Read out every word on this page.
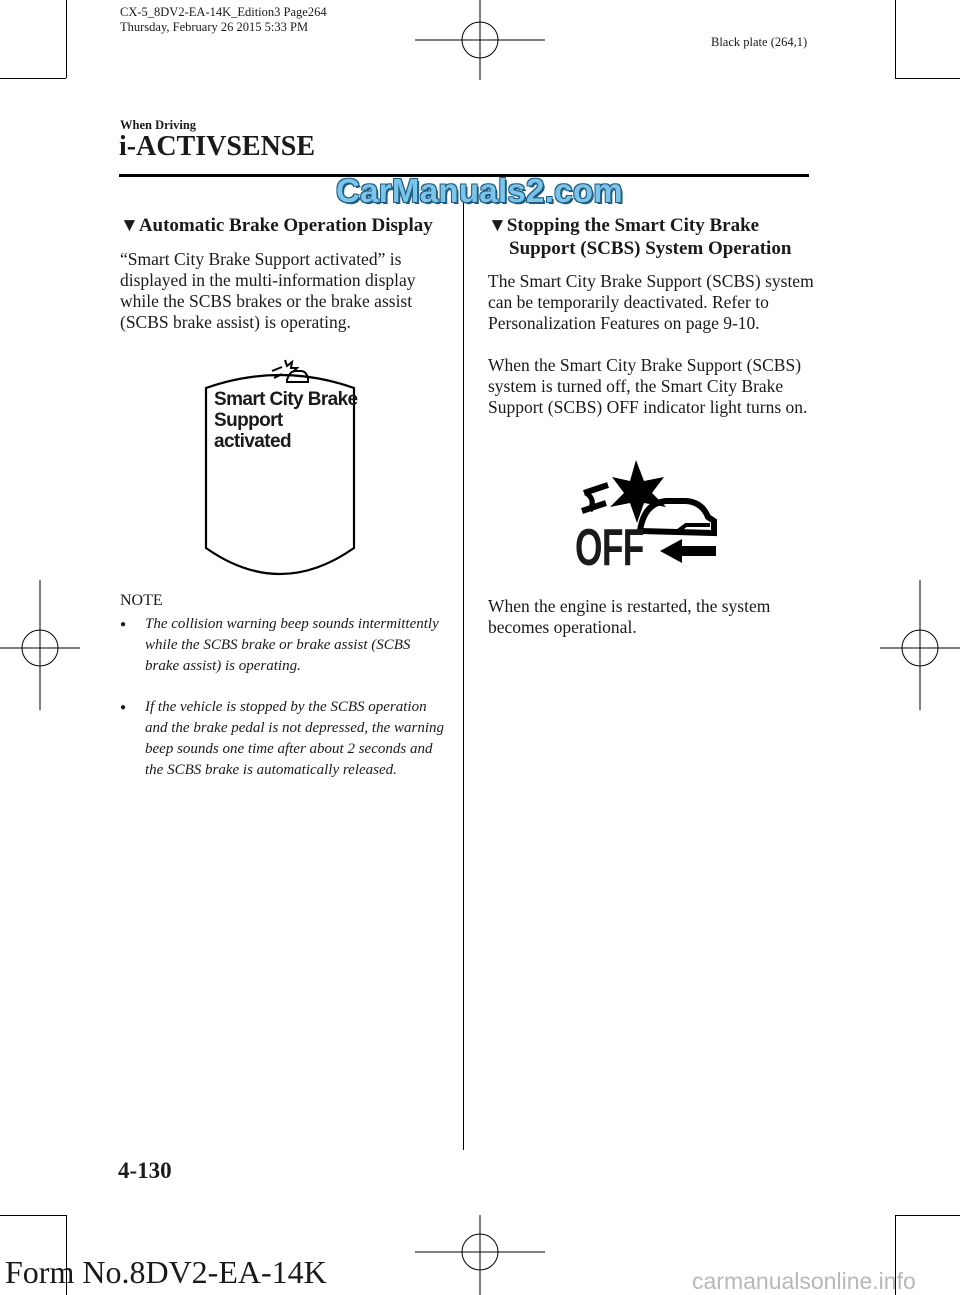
CX-5_8DV2-EA-14K_Edition3 Page264
Thursday, February 26 2015 5:33 PM
Black plate (264,1)
When Driving
i-ACTIVSENSE
CarManuals2.com
▼Automatic Brake Operation Display
“Smart City Brake Support activated” is displayed in the multi-information display while the SCBS brakes or the brake assist (SCBS brake assist) is operating.
Smart City Brake
Support
activated
NOTE
● The collision warning beep sounds intermittently while the SCBS brake or brake assist (SCBS brake assist) is operating.
● If the vehicle is stopped by the SCBS operation and the brake pedal is not depressed, the warning beep sounds one time after about 2 seconds and the SCBS brake is automatically released.
▼Stopping the Smart City Brake
Support (SCBS) System Operation
The Smart City Brake Support (SCBS) system can be temporarily deactivated. Refer to Personalization Features on page 9-10.
When the Smart City Brake Support (SCBS) system is turned off, the Smart City Brake Support (SCBS) OFF indicator light turns on.
OFF
When the engine is restarted, the system becomes operational.
4-130
Form No.8DV2-EA-14K	carmanualsonline.info
